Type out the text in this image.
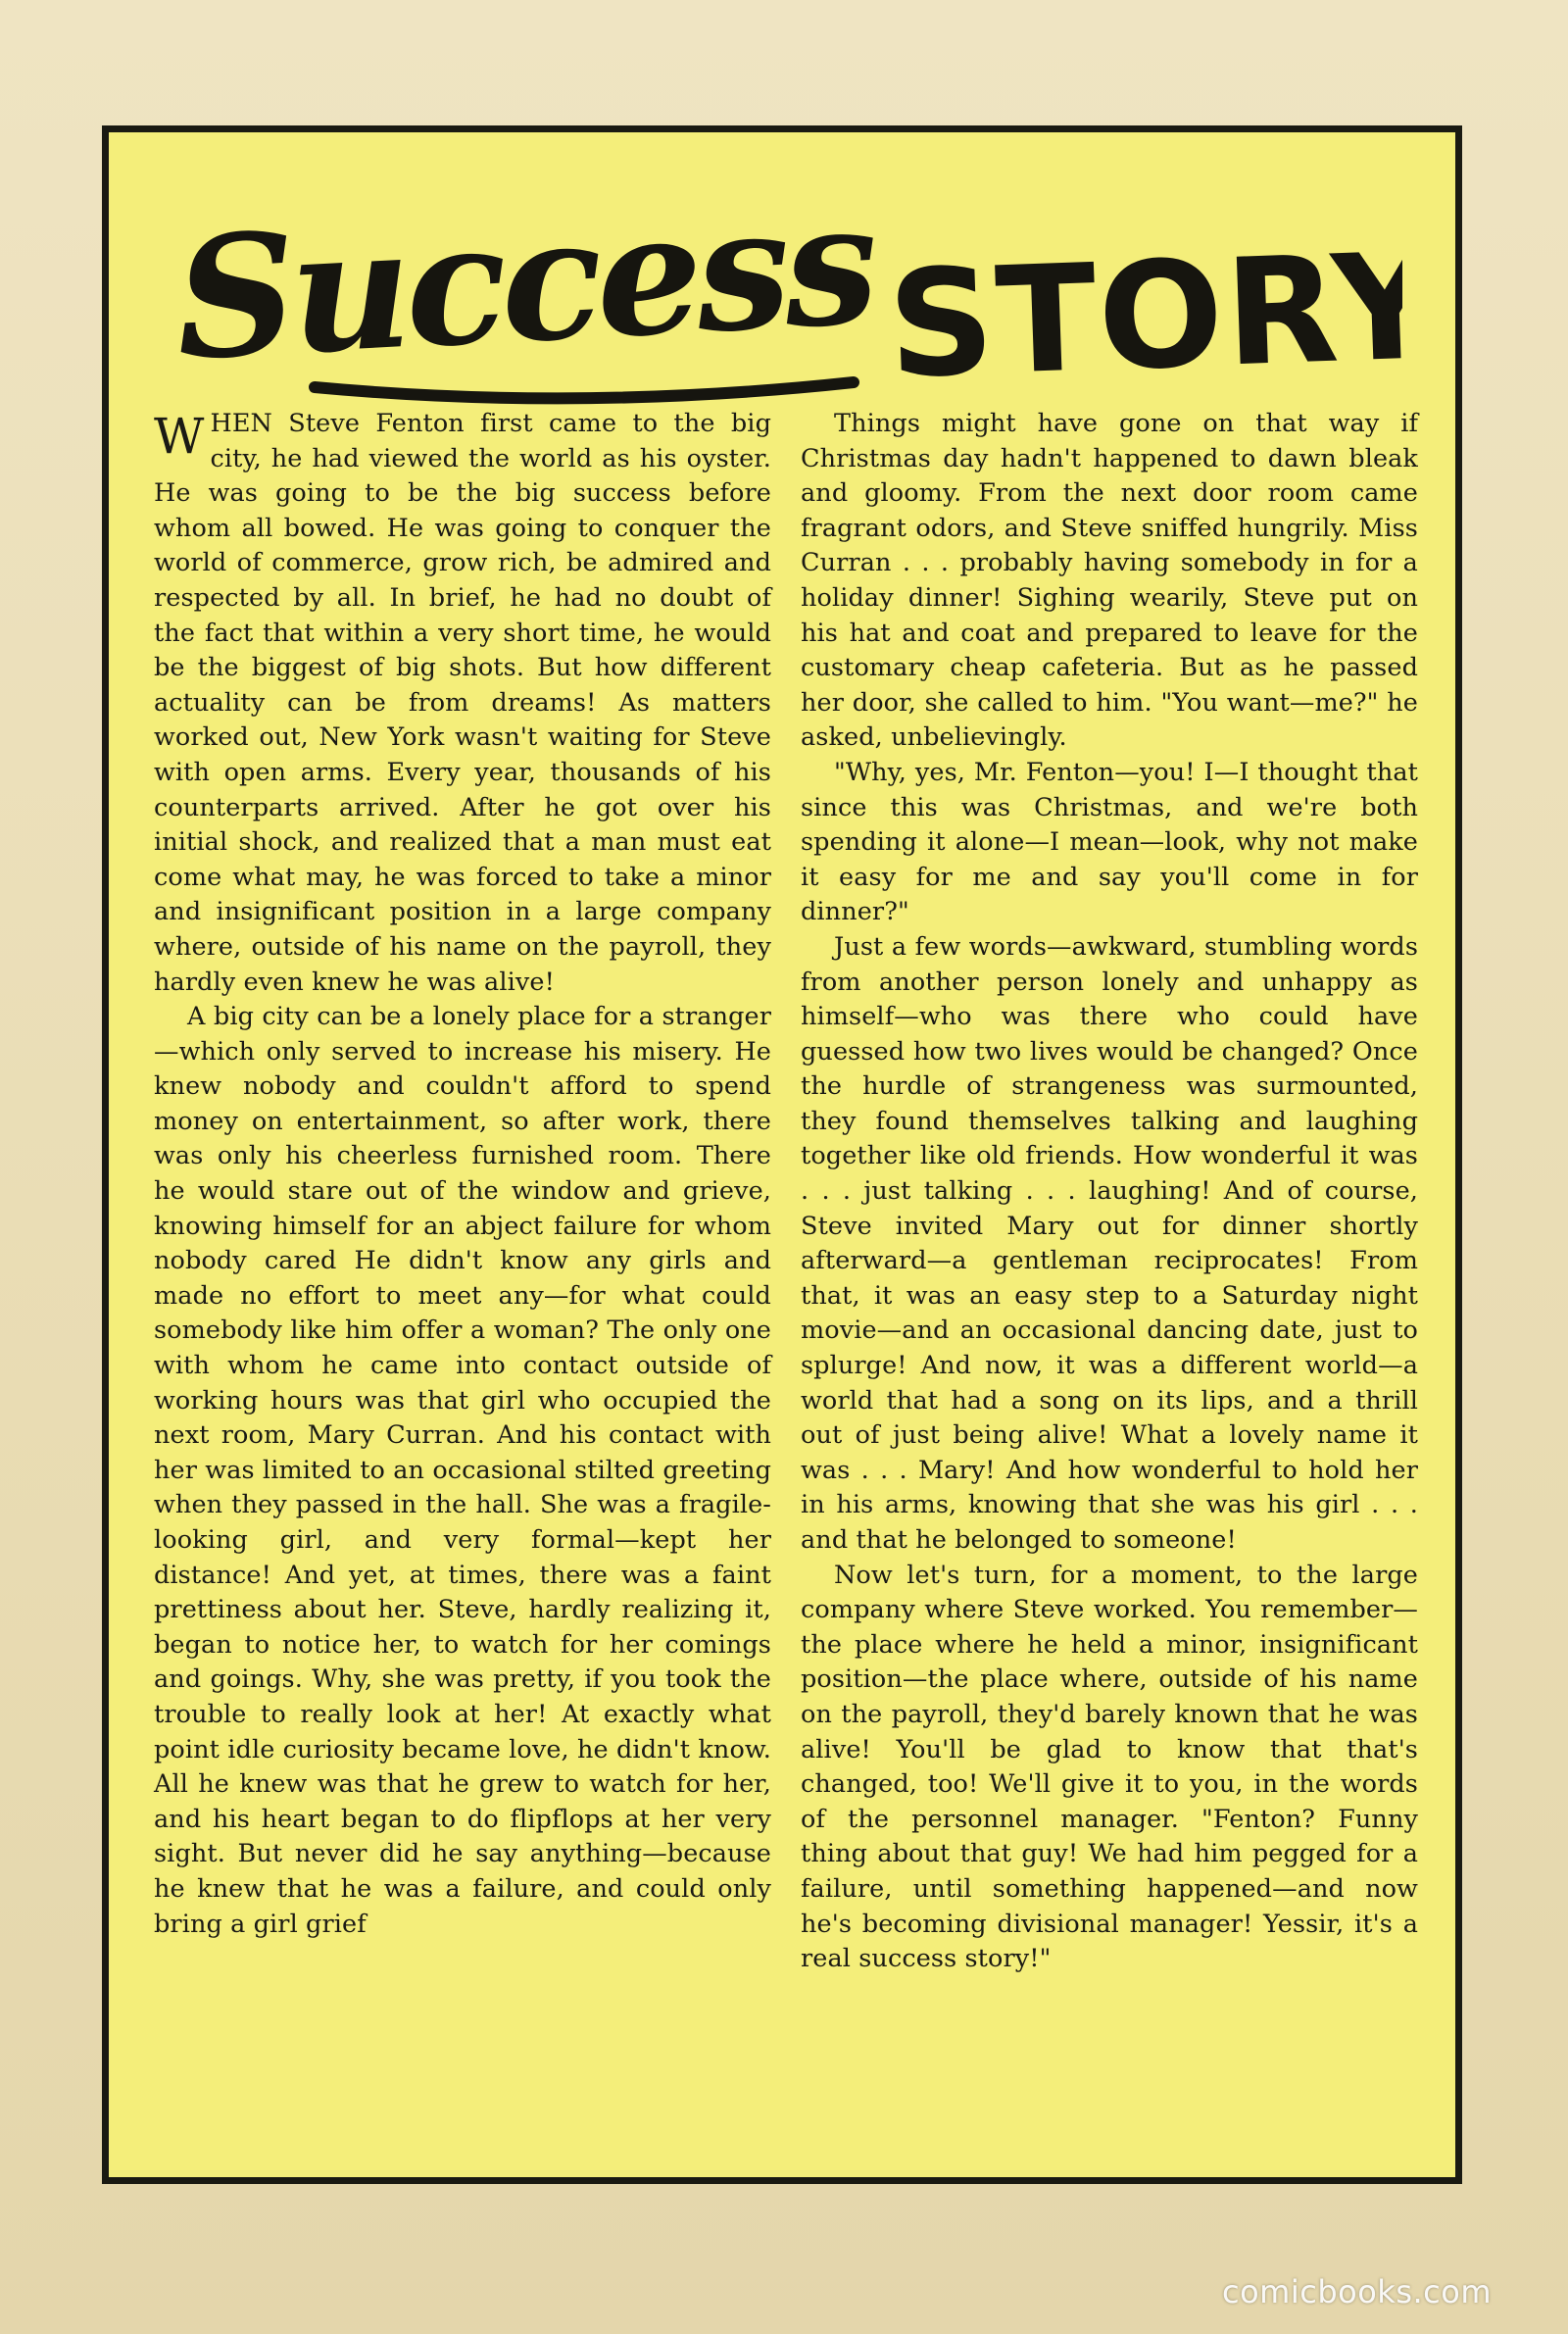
Success STORY

WHEN Steve Fenton first came to the big city, he had viewed the world as his oyster. He was going to be the big success before whom all bowed. He was going to conquer the world of commerce, grow rich, be admired and respected by all. In brief, he had no doubt of the fact that within a very short time, he would be the biggest of big shots. But how different actuality can be from dreams! As matters worked out, New York wasn't waiting for Steve with open arms. Every year, thousands of his counterparts arrived. After he got over his initial shock, and realized that a man must eat come what may, he was forced to take a minor and insignificant position in a large company where, outside of his name on the payroll, they hardly even knew he was alive!

A big city can be a lonely place for a stranger—which only served to increase his misery. He knew nobody and couldn't afford to spend money on entertainment, so after work, there was only his cheerless furnished room. There he would stare out of the window and grieve, knowing himself for an abject failure for whom nobody cared He didn't know any girls and made no effort to meet any—for what could somebody like him offer a woman? The only one with whom he came into contact outside of working hours was that girl who occupied the next room, Mary Curran. And his contact with her was limited to an occasional stilted greeting when they passed in the hall. She was a fragile-looking girl, and very formal—kept her distance! And yet, at times, there was a faint prettiness about her. Steve, hardly realizing it, began to notice her, to watch for her comings and goings. Why, she was pretty, if you took the trouble to really look at her! At exactly what point idle curiosity became love, he didn't know. All he knew was that he grew to watch for her, and his heart began to do flipflops at her very sight. But never did he say anything—because he knew that he was a failure, and could only bring a girl grief

Things might have gone on that way if Christmas day hadn't happened to dawn bleak and gloomy. From the next door room came fragrant odors, and Steve sniffed hungrily. Miss Curran . . . probably having somebody in for a holiday dinner! Sighing wearily, Steve put on his hat and coat and prepared to leave for the customary cheap cafeteria. But as he passed her door, she called to him. "You want—me?" he asked, unbelievingly.

"Why, yes, Mr. Fenton—you! I—I thought that since this was Christmas, and we're both spending it alone—I mean—look, why not make it easy for me and say you'll come in for dinner?"

Just a few words—awkward, stumbling words from another person lonely and unhappy as himself—who was there who could have guessed how two lives would be changed? Once the hurdle of strangeness was surmounted, they found themselves talking and laughing together like old friends. How wonderful it was . . . just talking . . . laughing! And of course, Steve invited Mary out for dinner shortly afterward—a gentleman reciprocates! From that, it was an easy step to a Saturday night movie—and an occasional dancing date, just to splurge! And now, it was a different world—a world that had a song on its lips, and a thrill out of just being alive! What a lovely name it was . . . Mary! And how wonderful to hold her in his arms, knowing that she was his girl . . . and that he belonged to someone!

Now let's turn, for a moment, to the large company where Steve worked. You remember—the place where he held a minor, insignificant position—the place where, outside of his name on the payroll, they'd barely known that he was alive! You'll be glad to know that that's changed, too! We'll give it to you, in the words of the personnel manager. "Fenton? Funny thing about that guy! We had him pegged for a failure, until something happened—and now he's becoming divisional manager! Yessir, it's a real success story!"

comicbooks.com
